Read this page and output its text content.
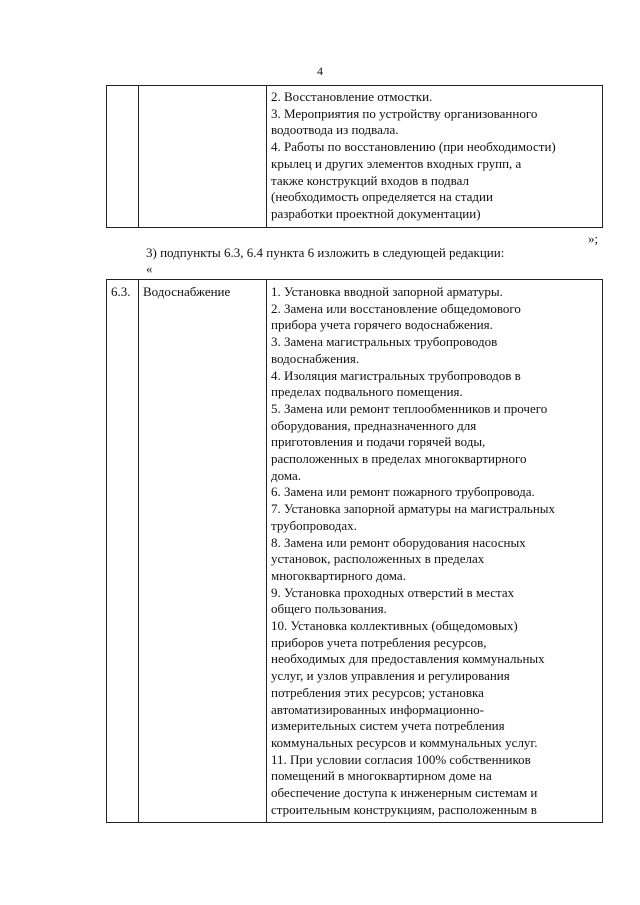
4

2. Восстановление отмостки.
3. Мероприятия по устройству организованного
водоотвода из подвала.
4. Работы по восстановлению (при необходимости)
крылец и других элементов входных групп, а
также конструкций входов в подвал
(необходимость определяется на стадии
разработки проектной документации)
»;
3) подпункты 6.3, 6.4 пункта 6 изложить в следующей редакции:
«
6.3.	Водоснабжение	1. Установка вводной запорной арматуры.
2. Замена или восстановление общедомового
прибора учета горячего водоснабжения.
3. Замена магистральных трубопроводов
водоснабжения.
4. Изоляция магистральных трубопроводов в
пределах подвального помещения.
5. Замена или ремонт теплообменников и прочего
оборудования, предназначенного для
приготовления и подачи горячей воды,
расположенных в пределах многоквартирного
дома.
6. Замена или ремонт пожарного трубопровода.
7. Установка запорной арматуры на магистральных
трубопроводах.
8. Замена или ремонт оборудования насосных
установок, расположенных в пределах
многоквартирного дома.
9. Установка проходных отверстий в местах
общего пользования.
10. Установка коллективных (общедомовых)
приборов учета потребления ресурсов,
необходимых для предоставления коммунальных
услуг, и узлов управления и регулирования
потребления этих ресурсов; установка
автоматизированных информационно-
измерительных систем учета потребления
коммунальных ресурсов и коммунальных услуг.
11. При условии согласия 100% собственников
помещений в многоквартирном доме на
обеспечение доступа к инженерным системам и
строительным конструкциям, расположенным в
